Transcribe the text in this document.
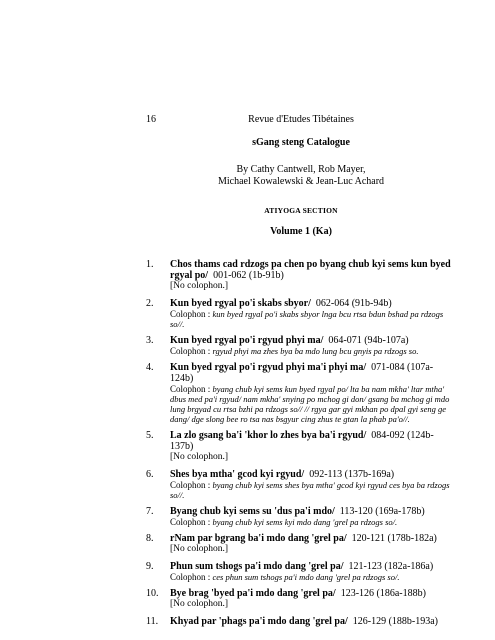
16	Revue d'Etudes Tibétaines
sGang steng Catalogue
By Cathy Cantwell, Rob Mayer,
Michael Kowalewski & Jean-Luc Achard
ATIYOGA SECTION
Volume 1 (Ka)
1.	Chos thams cad rdzogs pa chen po byang chub kyi sems kun byed rgyal po/ 001-062 (1b-91b)
[No colophon.]
2.	Kun byed rgyal po'i skabs sbyor/ 062-064 (91b-94b)
Colophon : kun byed rgyal po'i skabs sbyor lnga bcu rtsa bdun bshad pa rdzogs so//.
3.	Kun byed rgyal po'i rgyud phyi ma/ 064-071 (94b-107a)
Colophon : rgyud phyi ma zhes bya ba mdo lung bcu gnyis pa rdzogs so.
4.	Kun byed rgyal po'i rgyud phyi ma'i phyi ma/ 071-084 (107a-124b)
Colophon : byang chub kyi sems kun byed rgyal po/ lta ba nam mkha' ltar mtha' dbus med pa'i rgyud/ nam mkha' snying po mchog gi don/ gsang ba mchog gi mdo lung brgyad cu rtsa bzhi pa rdzogs so// // rgya gar gyi mkhan po dpal gyi seng ge dang/ dge slong bee ro tsa nas bsgyur cing zhus te gtan la phab pa'o//.
5.	La zlo gsang ba'i 'khor lo zhes bya ba'i rgyud/ 084-092 (124b-137b)
[No colophon.]
6.	Shes bya mtha' gcod kyi rgyud/ 092-113 (137b-169a)
Colophon : byang chub kyi sems shes bya mtha' gcod kyi rgyud ces bya ba rdzogs so//.
7.	Byang chub kyi sems su 'dus pa'i mdo/ 113-120 (169a-178b)
Colophon : byang chub kyi sems kyi mdo dang 'grel pa rdzogs so/.
8.	rNam par bgrang ba'i mdo dang 'grel pa/ 120-121 (178b-182a)
[No colophon.]
9.	Phun sum tshogs pa'i mdo dang 'grel pa/ 121-123 (182a-186a)
Colophon : ces phun sum tshogs pa'i mdo dang 'grel pa rdzogs so/.
10.	Bye brag 'byed pa'i mdo dang 'grel pa/ 123-126 (186a-188b)
[No colophon.]
11.	Khyad par 'phags pa'i mdo dang 'grel pa/ 126-129 (188b-193a)
